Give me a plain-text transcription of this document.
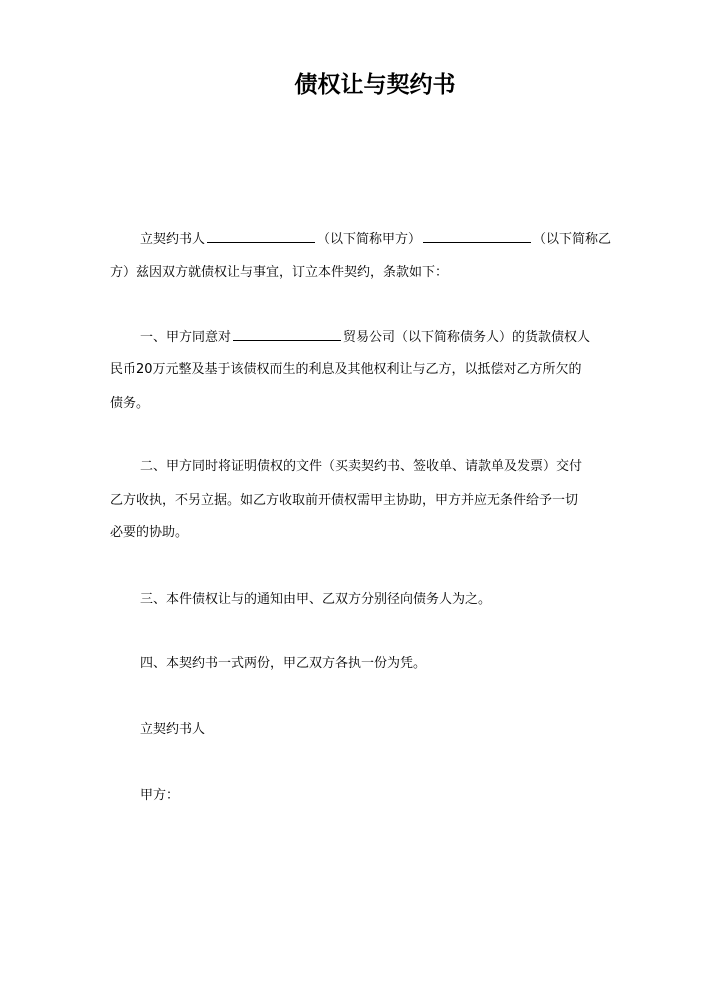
债权让与契约书
立契约书人	（以下简称甲方）	（以下简称乙
方）兹因双方就债权让与事宜，订立本件契约，条款如下：
一、甲方同意对	贸易公司（以下简称债务人）的货款债权人
民币20万元整及基于该债权而生的利息及其他权利让与乙方，以抵偿对乙方所欠的
债务。
二、甲方同时将证明债权的文件（买卖契约书、签收单、请款单及发票）交付
乙方收执，不另立据。如乙方收取前开债权需甲主协助，甲方并应无条件给予一切
必要的协助。
三、本件债权让与的通知由甲、乙双方分别径向债务人为之。
四、本契约书一式两份，甲乙双方各执一份为凭。
立契约书人
甲方：
